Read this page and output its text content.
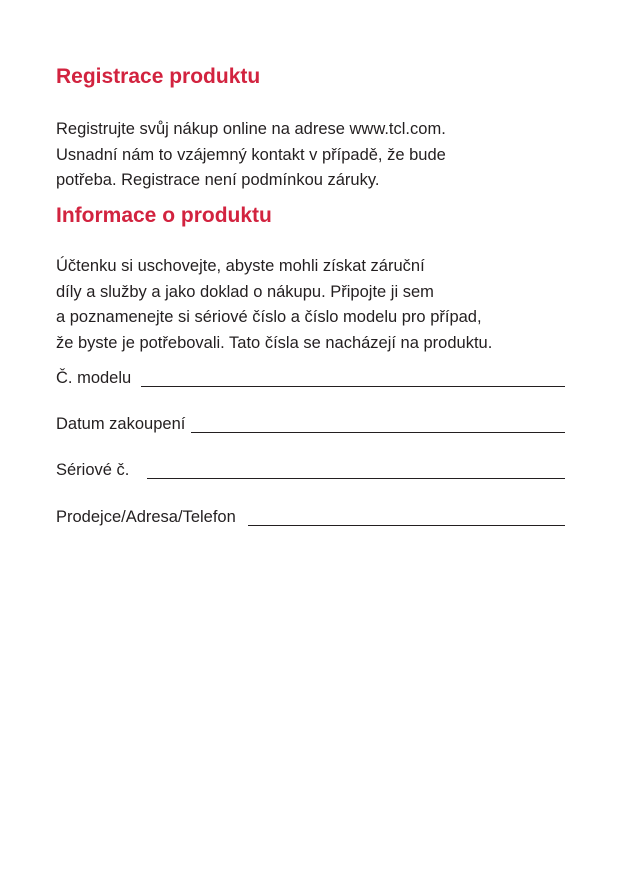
Registrace produktu
Registrujte svůj nákup online na adrese www.tcl.com.
Usnadní nám to vzájemný kontakt v případě, že bude
potřeba. Registrace není podmínkou záruky.
Informace o produktu
Účtenku si uschovejte, abyste mohli získat záruční
díly a služby a jako doklad o nákupu. Připojte ji sem
a poznamenejte si sériové číslo a číslo modelu pro případ,
že byste je potřebovali. Tato čísla se nacházejí na produktu.
Č. modelu
Datum zakoupení
Sériové č.
Prodejce/Adresa/Telefon
